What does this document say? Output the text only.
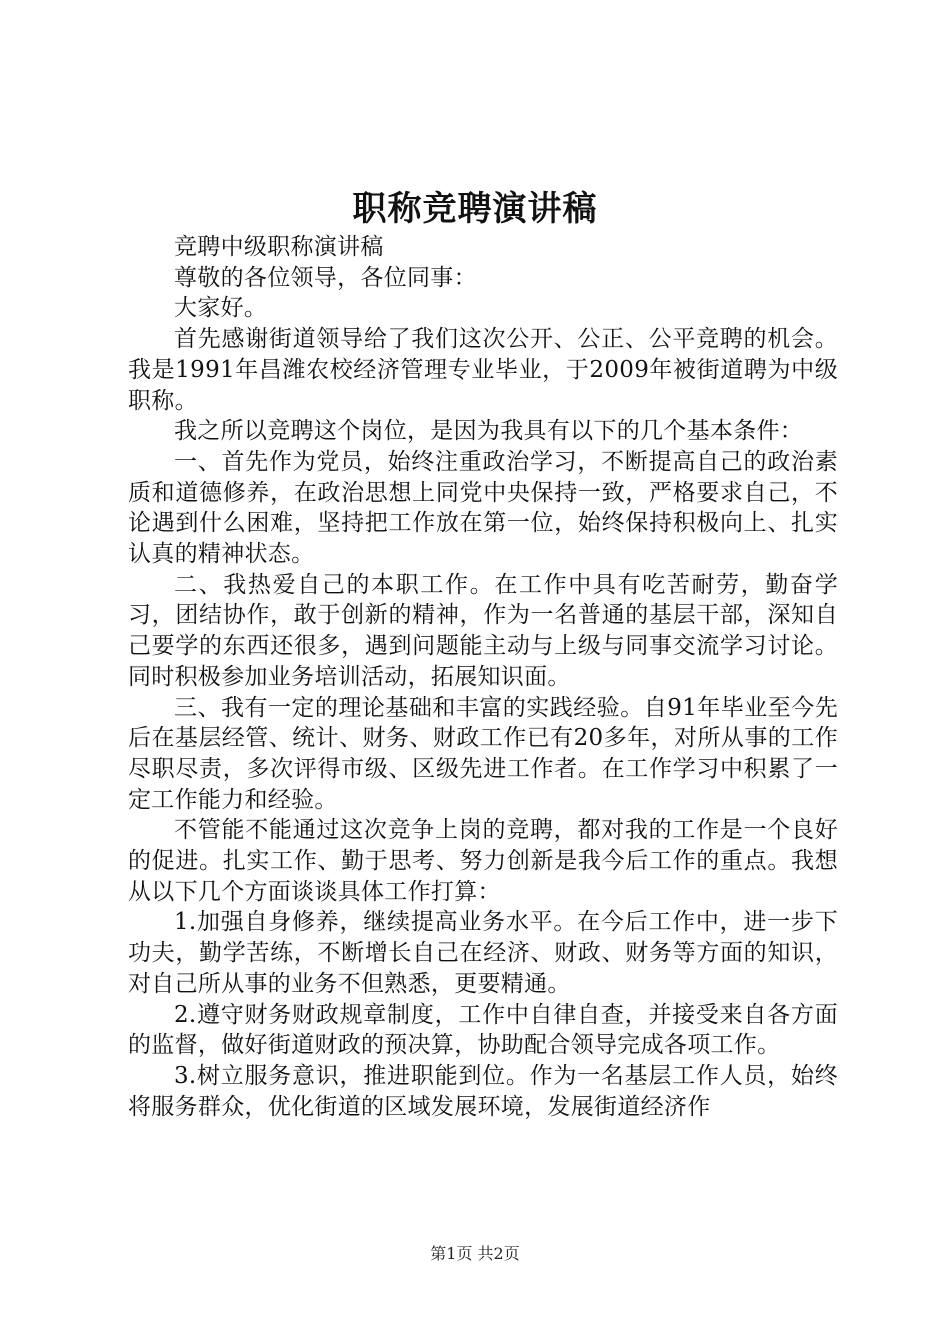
职称竞聘演讲稿

竞聘中级职称演讲稿

尊敬的各位领导，各位同事：

大家好。

首先感谢街道领导给了我们这次公开、公正、公平竞聘的机会。我是1991年昌潍农校经济管理专业毕业，于2009年被街道聘为中级职称。

我之所以竞聘这个岗位，是因为我具有以下的几个基本条件：

一、首先作为党员，始终注重政治学习，不断提高自己的政治素质和道德修养，在政治思想上同党中央保持一致，严格要求自己，不论遇到什么困难，坚持把工作放在第一位，始终保持积极向上、扎实认真的精神状态。

二、我热爱自己的本职工作。在工作中具有吃苦耐劳，勤奋学习，团结协作，敢于创新的精神，作为一名普通的基层干部，深知自己要学的东西还很多，遇到问题能主动与上级与同事交流学习讨论。同时积极参加业务培训活动，拓展知识面。

三、我有一定的理论基础和丰富的实践经验。自91年毕业至今先后在基层经管、统计、财务、财政工作已有20多年，对所从事的工作尽职尽责，多次评得市级、区级先进工作者。在工作学习中积累了一定工作能力和经验。

不管能不能通过这次竞争上岗的竞聘，都对我的工作是一个良好的促进。扎实工作、勤于思考、努力创新是我今后工作的重点。我想从以下几个方面谈谈具体工作打算：

1.加强自身修养，继续提高业务水平。在今后工作中，进一步下功夫，勤学苦练，不断增长自己在经济、财政、财务等方面的知识，对自己所从事的业务不但熟悉，更要精通。

2.遵守财务财政规章制度，工作中自律自查，并接受来自各方面的监督，做好街道财政的预决算，协助配合领导完成各项工作。

3.树立服务意识，推进职能到位。作为一名基层工作人员，始终将服务群众，优化街道的区域发展环境，发展街道经济作

第1页 共2页
